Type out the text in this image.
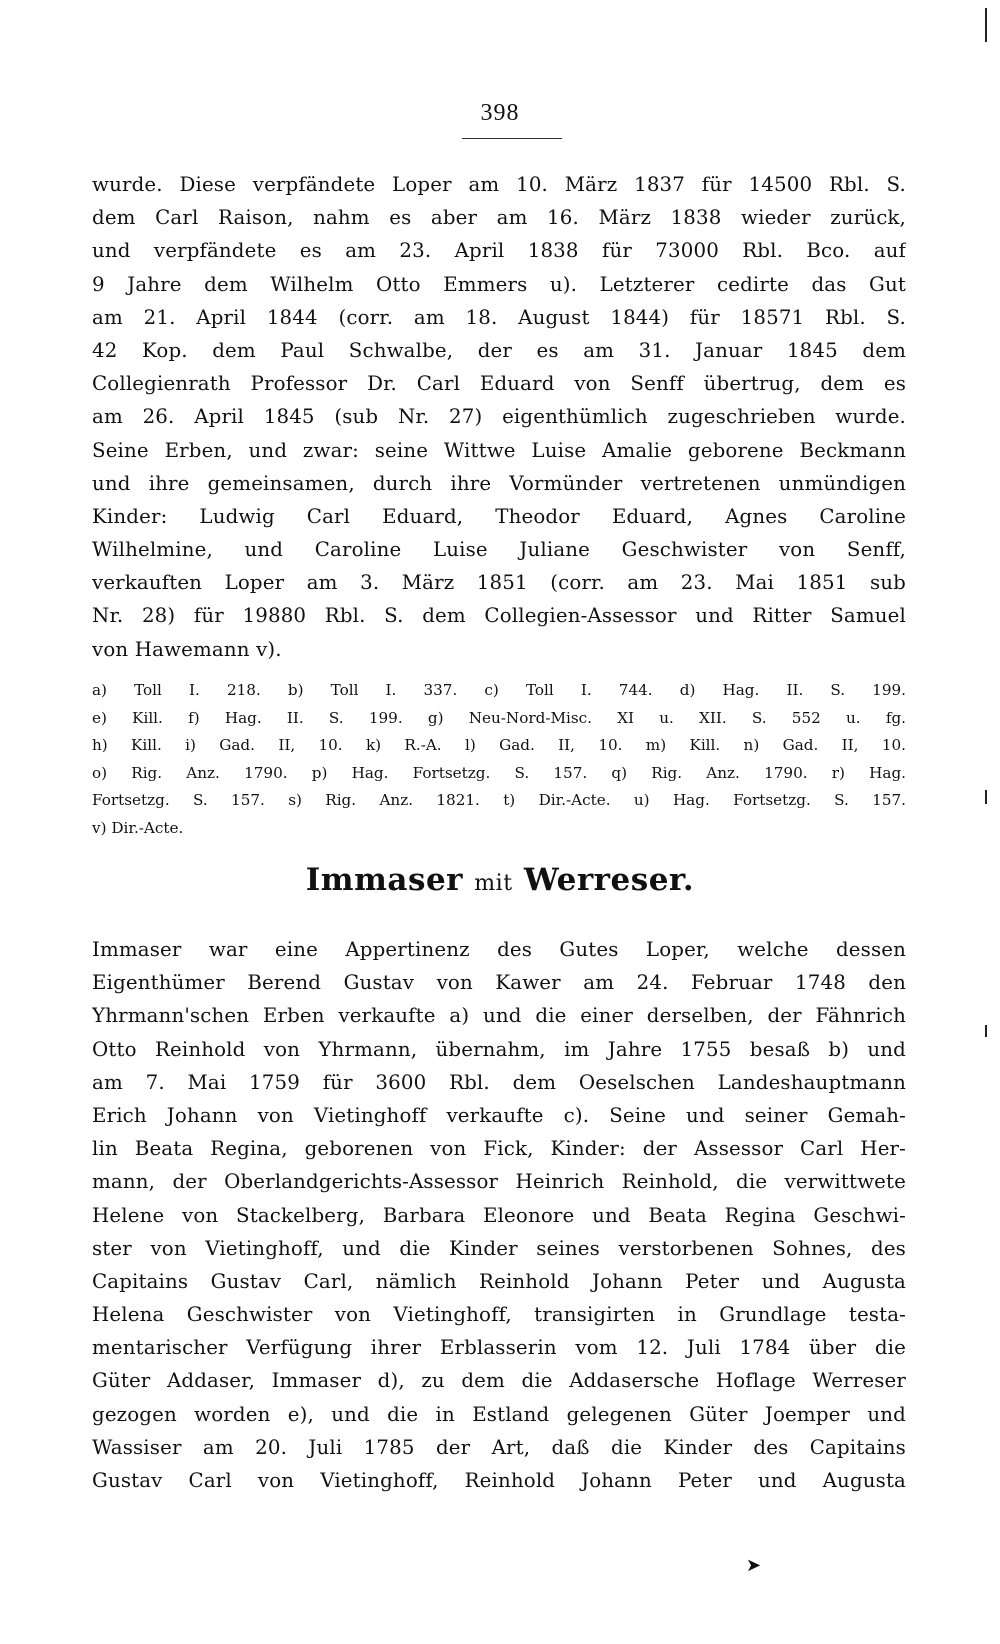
398
wurde. Diese verpfändete Loper am 10. März 1837 für 14500 Rbl. S.
dem Carl Raison, nahm es aber am 16. März 1838 wieder zurück,
und verpfändete es am 23. April 1838 für 73000 Rbl. Bco. auf
9 Jahre dem Wilhelm Otto Emmers u). Letzterer cedirte das Gut
am 21. April 1844 (corr. am 18. August 1844) für 18571 Rbl. S.
42 Kop. dem Paul Schwalbe, der es am 31. Januar 1845 dem
Collegienrath Professor Dr. Carl Eduard von Senff übertrug, dem es
am 26. April 1845 (sub Nr. 27) eigenthümlich zugeschrieben wurde.
Seine Erben, und zwar: seine Wittwe Luise Amalie geborene Beckmann
und ihre gemeinsamen, durch ihre Vormünder vertretenen unmündigen
Kinder: Ludwig Carl Eduard, Theodor Eduard, Agnes Caroline
Wilhelmine, und Caroline Luise Juliane Geschwister von Senff,
verkauften Loper am 3. März 1851 (corr. am 23. Mai 1851 sub
Nr. 28) für 19880 Rbl. S. dem Collegien-Assessor und Ritter Samuel
von Hawemann v).
a) Toll I. 218. b) Toll I. 337. c) Toll I. 744. d) Hag. II. S. 199.
e) Kill. f) Hag. II. S. 199. g) Neu-Nord-Misc. XI u. XII. S. 552 u. fg.
h) Kill. i) Gad. II, 10. k) R.-A. l) Gad. II, 10. m) Kill. n) Gad. II, 10.
o) Rig. Anz. 1790. p) Hag. Fortsetzg. S. 157. q) Rig. Anz. 1790. r) Hag.
Fortsetzg. S. 157. s) Rig. Anz. 1821. t) Dir.-Acte. u) Hag. Fortsetzg. S. 157.
v) Dir.-Acte.
Immaser mit Werreser.
Immaser war eine Appertinenz des Gutes Loper, welche dessen
Eigenthümer Berend Gustav von Kawer am 24. Februar 1748 den
Yhrmann'schen Erben verkaufte a) und die einer derselben, der Fähnrich
Otto Reinhold von Yhrmann, übernahm, im Jahre 1755 besaß b) und
am 7. Mai 1759 für 3600 Rbl. dem Oeselschen Landeshauptmann
Erich Johann von Vietinghoff verkaufte c). Seine und seiner Gemah-
lin Beata Regina, geborenen von Fick, Kinder: der Assessor Carl Her-
mann, der Oberlandgerichts-Assessor Heinrich Reinhold, die verwittwete
Helene von Stackelberg, Barbara Eleonore und Beata Regina Geschwi-
ster von Vietinghoff, und die Kinder seines verstorbenen Sohnes, des
Capitains Gustav Carl, nämlich Reinhold Johann Peter und Augusta
Helena Geschwister von Vietinghoff, transigirten in Grundlage testa-
mentarischer Verfügung ihrer Erblasserin vom 12. Juli 1784 über die
Güter Addaser, Immaser d), zu dem die Addasersche Hoflage Werreser
gezogen worden e), und die in Estland gelegenen Güter Joemper und
Wassiser am 20. Juli 1785 der Art, daß die Kinder des Capitains
Gustav Carl von Vietinghoff, Reinhold Johann Peter und Augusta
➤
